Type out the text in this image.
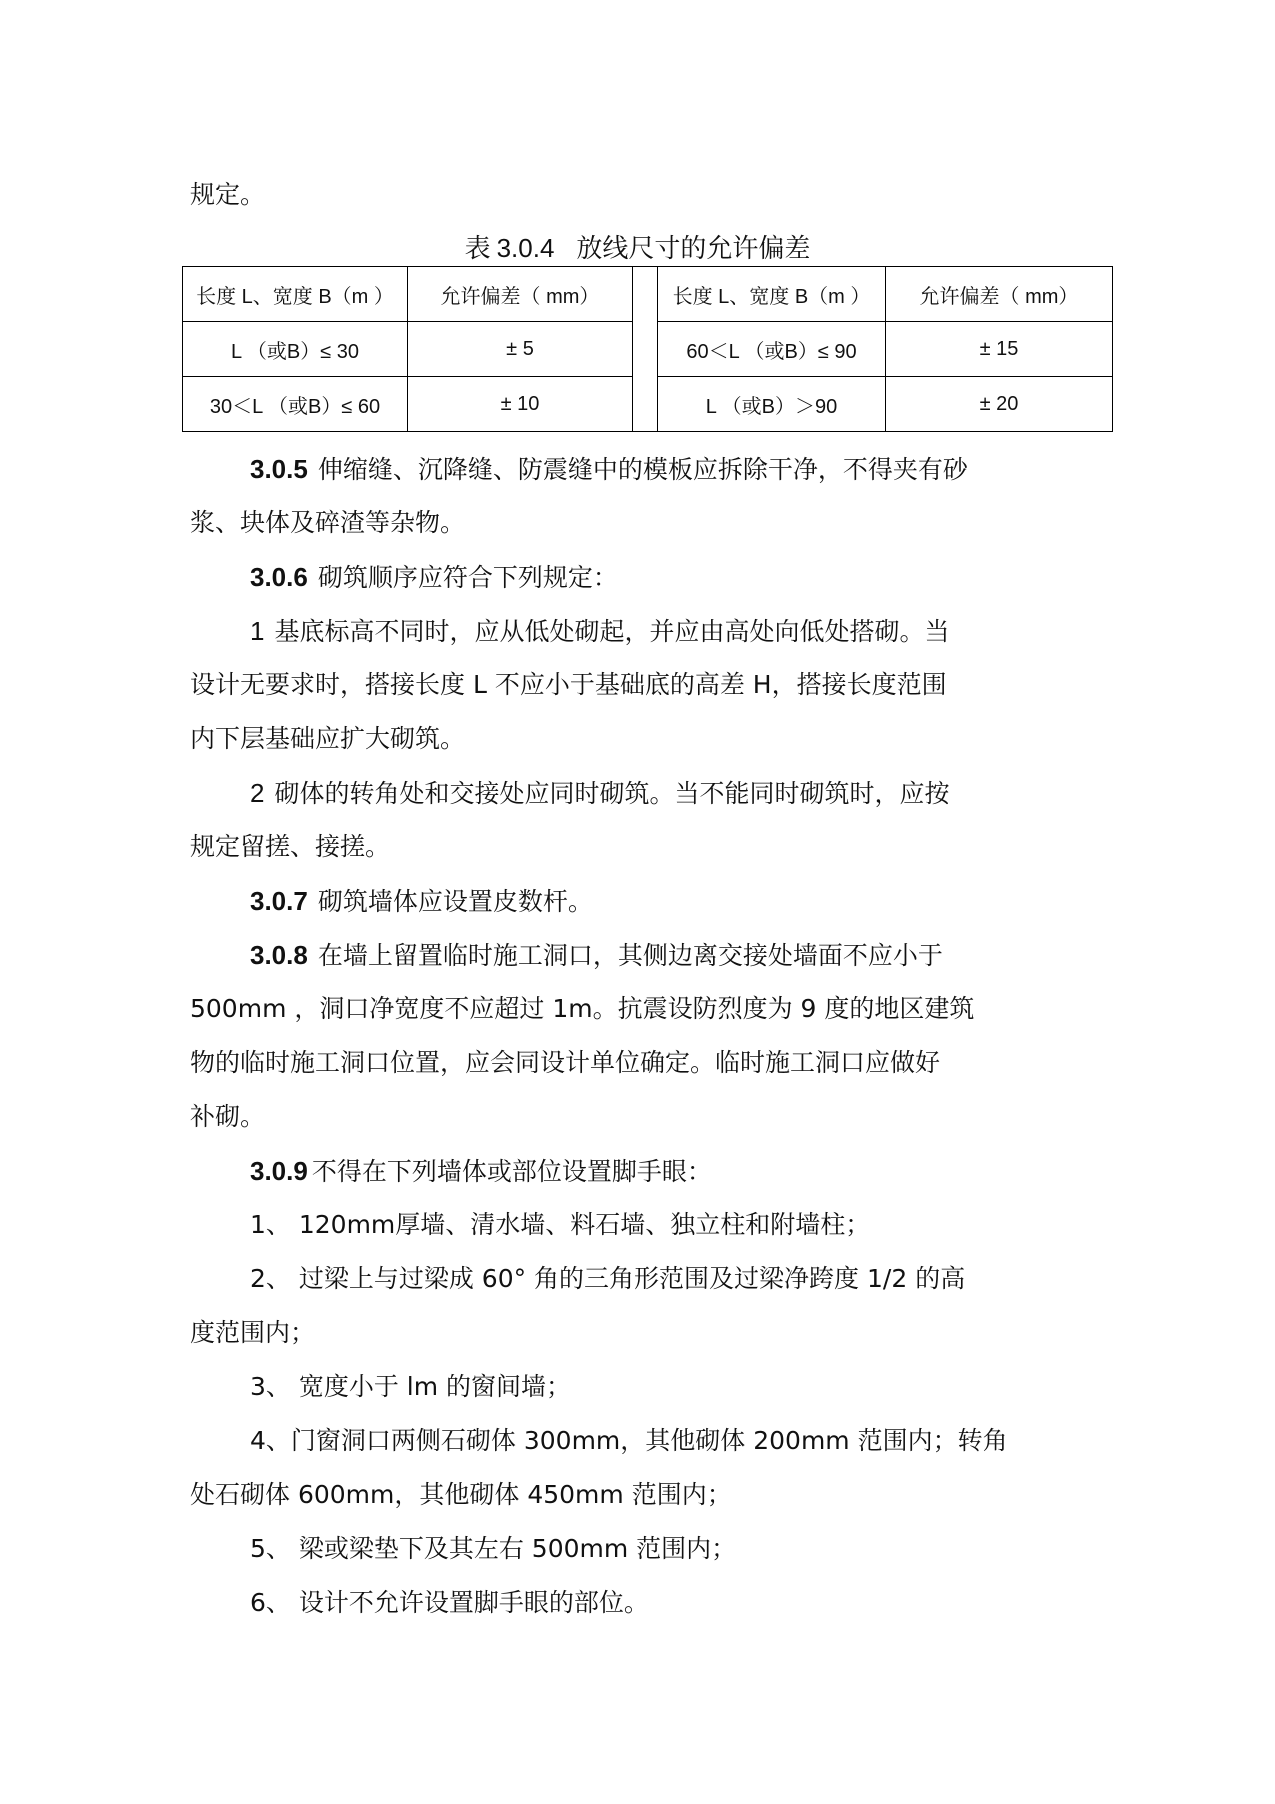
规定。

表 3.0.4 放线尺寸的允许偏差
长度 L、宽度 B（m ）	允许偏差（ mm）		长度 L、宽度 B（m ）	允许偏差（ mm）
L （或B）≤ 30	± 5		60＜L （或B）≤ 90	± 15
30＜L （或B）≤ 60	± 10		L （或B）＞90	± 20

3.0.5 伸缩缝、沉降缝、防震缝中的模板应拆除干净，不得夹有砂

浆、块体及碎渣等杂物。

3.0.6 砌筑顺序应符合下列规定：

1 基底标高不同时，应从低处砌起，并应由高处向低处搭砌。当

设计无要求时，搭接长度 L 不应小于基础底的高差 H，搭接长度范围

内下层基础应扩大砌筑。

2 砌体的转角处和交接处应同时砌筑。当不能同时砌筑时，应按

规定留搓、接搓。

3.0.7 砌筑墙体应设置皮数杆。

3.0.8 在墙上留置临时施工洞口，其侧边离交接处墙面不应小于

500mm ，洞口净宽度不应超过 1m。抗震设防烈度为 9 度的地区建筑

物的临时施工洞口位置，应会同设计单位确定。临时施工洞口应做好

补砌。

3.0.9 不得在下列墙体或部位设置脚手眼：

1、 120mm厚墙、清水墙、料石墙、独立柱和附墙柱；

2、 过梁上与过梁成 60° 角的三角形范围及过梁净跨度 1/2 的高

度范围内；

3、 宽度小于 lm 的窗间墙；

4、门窗洞口两侧石砌体 300mm，其他砌体 200mm 范围内；转角

处石砌体 600mm，其他砌体 450mm 范围内；

5、 梁或梁垫下及其左右 500mm 范围内；

6、 设计不允许设置脚手眼的部位。
